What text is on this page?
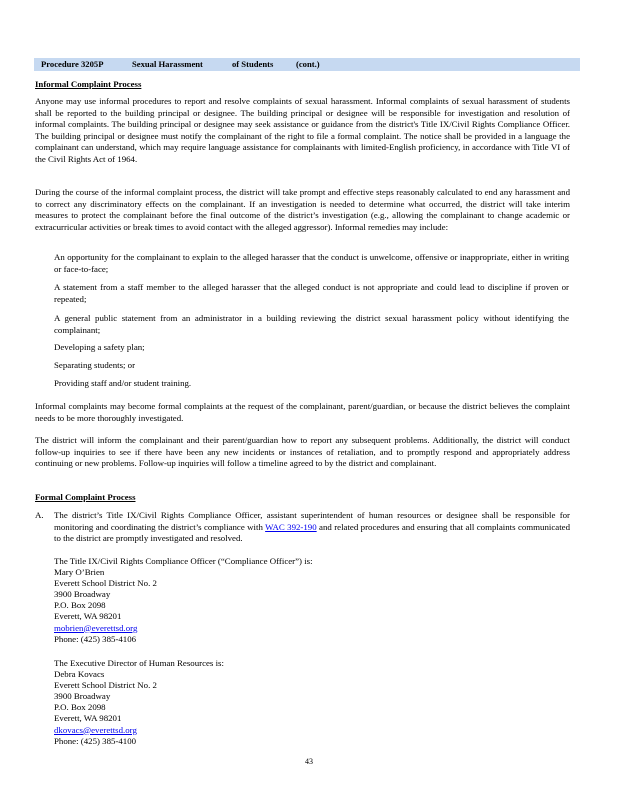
Procedure 3205P	Sexual Harassment	of Students	(cont.)
Informal Complaint Process
Anyone may use informal procedures to report and resolve complaints of sexual harassment. Informal complaints of sexual harassment of students shall be reported to the building principal or designee. The building principal or designee will be responsible for investigation and resolution of informal complaints. The building principal or designee may seek assistance or guidance from the district's Title IX/Civil Rights Compliance Officer. The building principal or designee must notify the complainant of the right to file a formal complaint. The notice shall be provided in a language the complainant can understand, which may require language assistance for complainants with limited-English proficiency, in accordance with Title VI of the Civil Rights Act of 1964.
During the course of the informal complaint process, the district will take prompt and effective steps reasonably calculated to end any harassment and to correct any discriminatory effects on the complainant. If an investigation is needed to determine what occurred, the district will take interim measures to protect the complainant before the final outcome of the district’s investigation (e.g., allowing the complainant to change academic or extracurricular activities or break times to avoid contact with the alleged aggressor). Informal remedies may include:
An opportunity for the complainant to explain to the alleged harasser that the conduct is unwelcome, offensive or inappropriate, either in writing or face-to-face;
A statement from a staff member to the alleged harasser that the alleged conduct is not appropriate and could lead to discipline if proven or repeated;
A general public statement from an administrator in a building reviewing the district sexual harassment policy without identifying the complainant;
Developing a safety plan;
Separating students; or
Providing staff and/or student training.
Informal complaints may become formal complaints at the request of the complainant, parent/guardian, or because the district believes the complaint needs to be more thoroughly investigated.
The district will inform the complainant and their parent/guardian how to report any subsequent problems. Additionally, the district will conduct follow-up inquiries to see if there have been any new incidents or instances of retaliation, and to promptly respond and appropriately address continuing or new problems. Follow-up inquiries will follow a timeline agreed to by the district and complainant.
Formal Complaint Process
A. The district’s Title IX/Civil Rights Compliance Officer, assistant superintendent of human resources or designee shall be responsible for monitoring and coordinating the district’s compliance with WAC 392-190 and related procedures and ensuring that all complaints communicated to the district are promptly investigated and resolved.
The Title IX/Civil Rights Compliance Officer (“Compliance Officer”) is:
Mary O’Brien
Everett School District No. 2
3900 Broadway
P.O. Box 2098
Everett, WA 98201
mobrien@everettsd.org
Phone: (425) 385-4106
The Executive Director of Human Resources is:
Debra Kovacs
Everett School District No. 2
3900 Broadway
P.O. Box 2098
Everett, WA 98201
dkovacs@everettsd.org
Phone: (425) 385-4100
43
